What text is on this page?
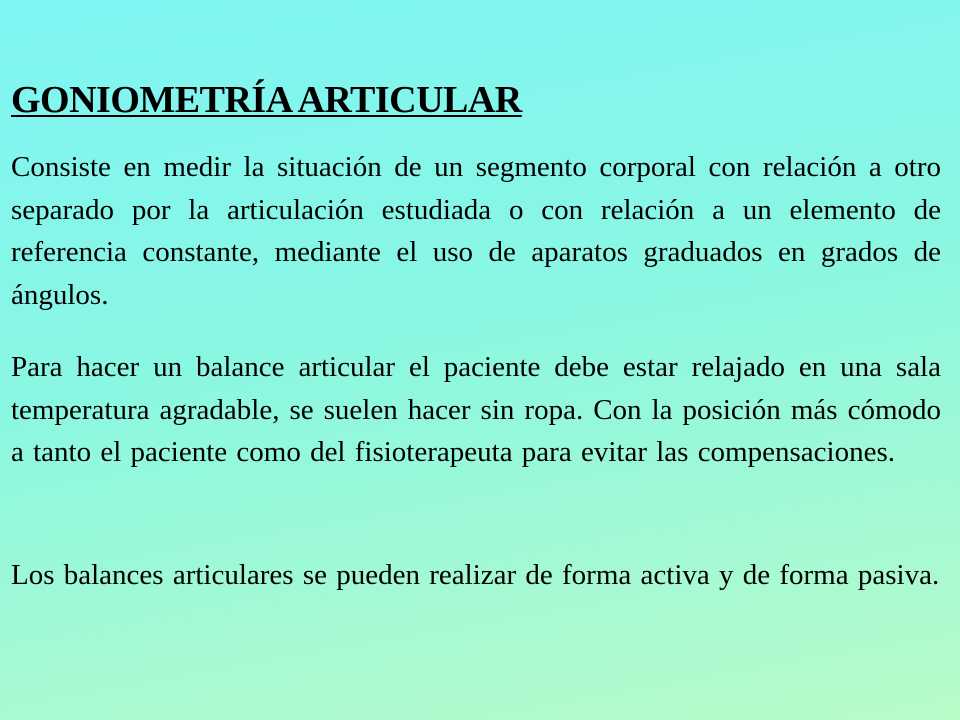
GONIOMETRÍA ARTICULAR

Consiste en medir la situación de un segmento corporal con relación a otro separado por la articulación estudiada o con relación a un elemento de referencia constante, mediante el uso de aparatos graduados en grados de ángulos.

Para hacer un balance articular el paciente debe estar relajado en una sala temperatura agradable, se suelen hacer sin ropa. Con la posición más cómodo a tanto el paciente como del fisioterapeuta para evitar las compensaciones.

Los balances articulares se pueden realizar de forma activa y de forma pasiva.
